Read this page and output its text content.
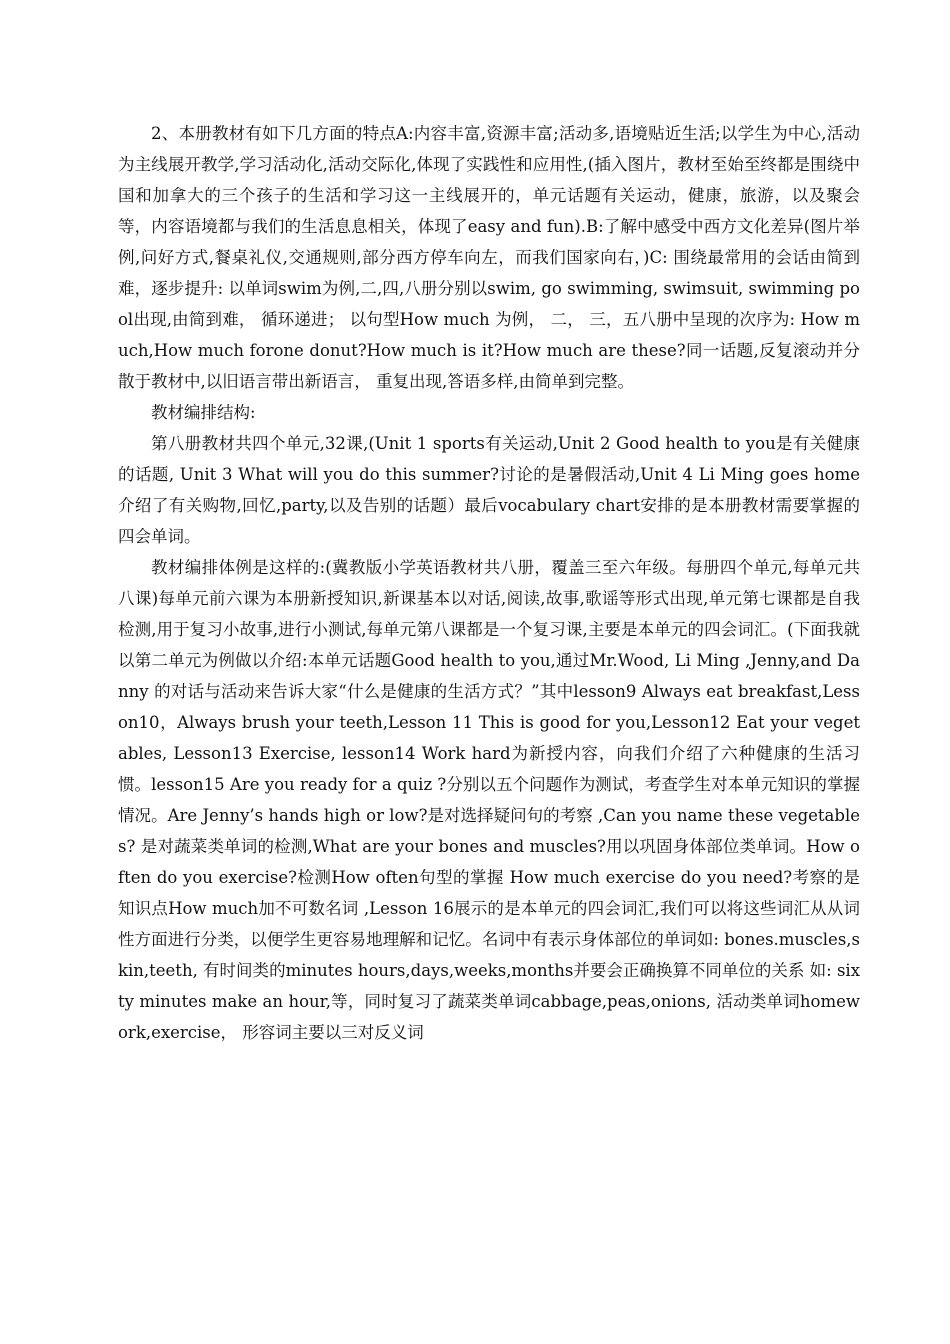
2、本册教材有如下几方面的特点A:内容丰富,资源丰富;活动多,语境贴近生活;以学生为中心,活动为主线展开教学,学习活动化,活动交际化,体现了实践性和应用性,(插入图片，教材至始至终都是围绕中国和加拿大的三个孩子的生活和学习这一主线展开的，单元话题有关运动，健康，旅游，以及聚会等，内容语境都与我们的生活息息相关，体现了easy and fun).B:了解中感受中西方文化差异(图片举例,问好方式,餐桌礼仪,交通规则,部分西方停车向左，而我们国家向右，)C: 围绕最常用的会话由简到难，逐步提升: 以单词swim为例,二,四,八册分别以swim, go swimming, swimsuit, swimming pool出现,由简到难， 循环递进； 以句型How much 为例， 二， 三，五八册中呈现的次序为: How much,How much forone donut?How much is it?How much are these?同一话题,反复滚动并分散于教材中,以旧语言带出新语言， 重复出现,答语多样,由简单到完整。

教材编排结构:

第八册教材共四个单元,32课,(Unit 1 sports有关运动,Unit 2 Good health to you是有关健康的话题, Unit 3 What will you do this summer?讨论的是暑假活动,Unit 4 Li Ming goes home介绍了有关购物,回忆,party,以及告别的话题）最后vocabulary chart安排的是本册教材需要掌握的四会单词。

教材编排体例是这样的:(冀教版小学英语教材共八册，覆盖三至六年级。每册四个单元,每单元共八课)每单元前六课为本册新授知识,新课基本以对话,阅读,故事,歌谣等形式出现,单元第七课都是自我检测,用于复习小故事,进行小测试,每单元第八课都是一个复习课,主要是本单元的四会词汇。(下面我就以第二单元为例做以介绍:本单元话题Good health to you,通过Mr.Wood, Li Ming ,Jenny,and Danny 的对话与活动来告诉大家“什么是健康的生活方式？”其中lesson9 Always eat breakfast,Lesson10，Always brush your teeth,Lesson 11 This is good for you,Lesson12 Eat your vegetables, Lesson13 Exercise, lesson14 Work hard为新授内容，向我们介绍了六种健康的生活习惯。lesson15 Are you ready for a quiz ?分别以五个问题作为测试，考查学生对本单元知识的掌握情况。Are Jenny’s hands high or low?是对选择疑问句的考察 ,Can you name these vegetables? 是对蔬菜类单词的检测,What are your bones and muscles?用以巩固身体部位类单词。How often do you exercise?检测How often句型的掌握 How much exercise do you need?考察的是知识点How much加不可数名词 ,Lesson 16展示的是本单元的四会词汇,我们可以将这些词汇从从词性方面进行分类，以便学生更容易地理解和记忆。名词中有表示身体部位的单词如: bones.muscles,skin,teeth, 有时间类的minutes hours,days,weeks,months并要会正确换算不同单位的关系 如: sixty minutes make an hour,等，同时复习了蔬菜类单词cabbage,peas,onions, 活动类单词homework,exercise， 形容词主要以三对反义词
